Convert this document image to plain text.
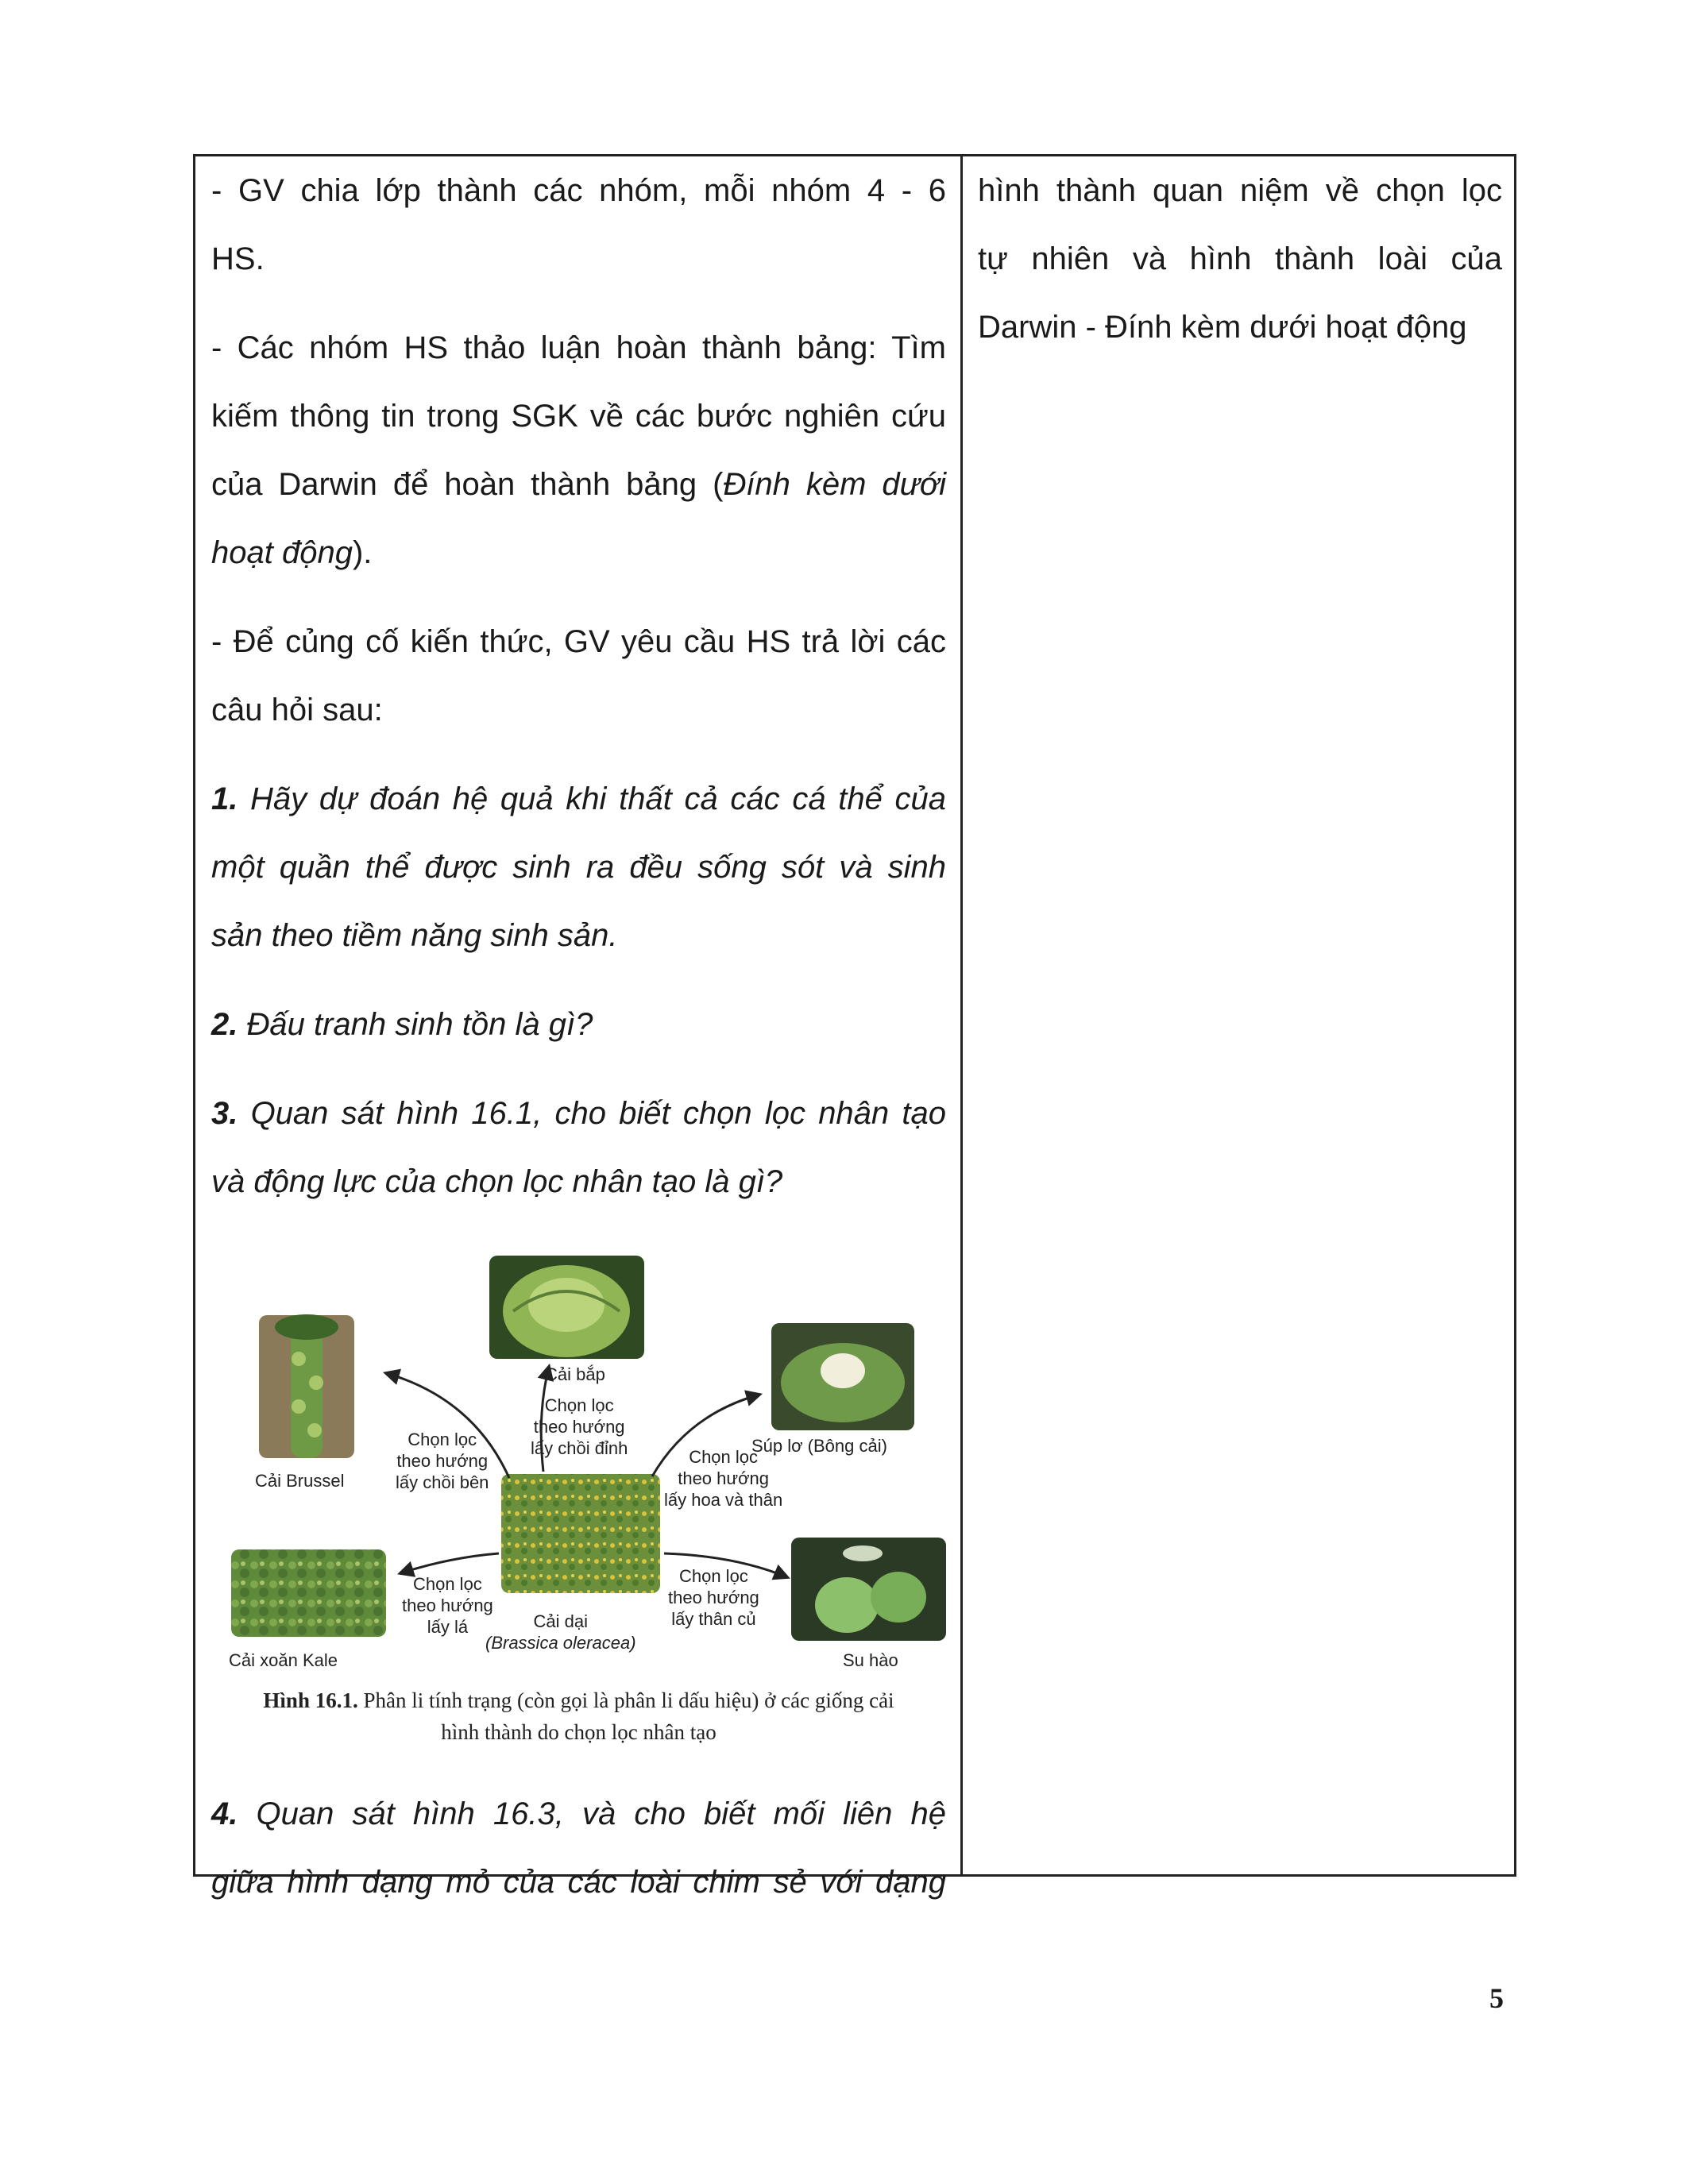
- GV chia lớp thành các nhóm, mỗi nhóm 4 - 6
HS.

- Các nhóm HS thảo luận hoàn thành bảng: Tìm
kiếm thông tin trong SGK về các bước nghiên cứu
của Darwin để hoàn thành bảng (Đính kèm dưới
hoạt động).

- Để củng cố kiến thức, GV yêu cầu HS trả lời các
câu hỏi sau:

1. Hãy dự đoán hệ quả khi thất cả các cá thể của
một quần thể được sinh ra đều sống sót và sinh
sản theo tiềm năng sinh sản.

2. Đấu tranh sinh tồn là gì?

3. Quan sát hình 16.1, cho biết chọn lọc nhân tạo
và động lực của chọn lọc nhân tạo là gì?

Cải bắp
Súp lơ (Bông cải)
Cải Brussel
Cải xoăn Kale	Su hào
Cải dại
(Brassica oleracea)
Chọn lọc
theo hướng
lấy chồi đỉnh
Chọn lọc
theo hướng
lấy chồi bên
Chọn lọc
theo hướng
lấy hoa và thân
Chọn lọc
theo hướng
lấy lá
Chọn lọc
theo hướng
lấy thân củ
Hình 16.1. Phân li tính trạng (còn gọi là phân li dấu hiệu) ở các giống cải
hình thành do chọn lọc nhân tạo

4. Quan sát hình 16.3, và cho biết mối liên hệ
giữa hình dạng mỏ của các loài chim sẻ với dạng

hình thành quan niệm về chọn lọc
tự nhiên và hình thành loài của
Darwin - Đính kèm dưới hoạt động

5
